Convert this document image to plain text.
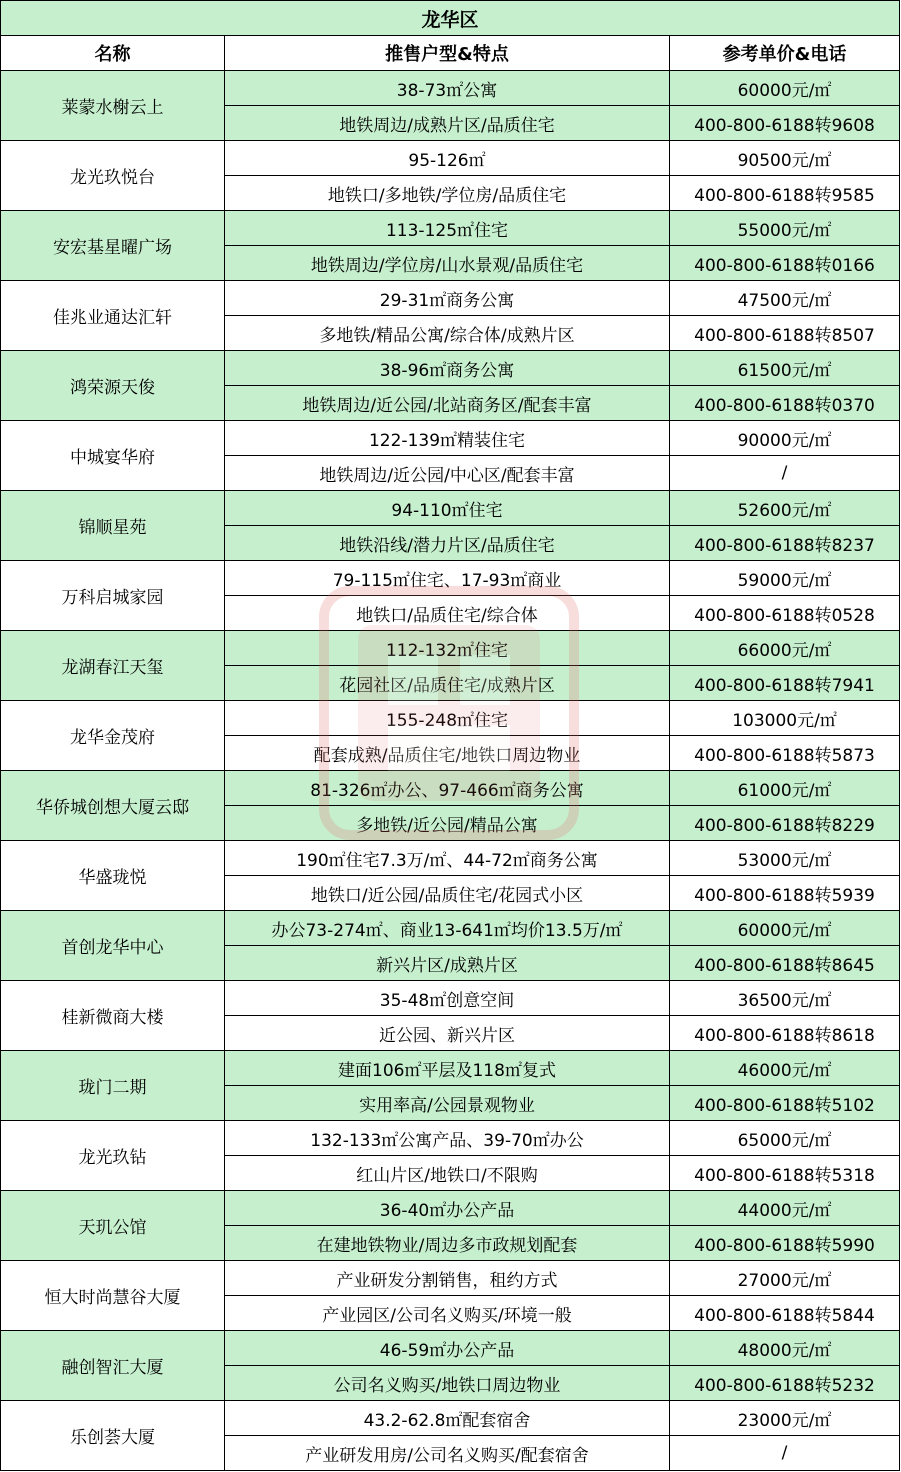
龙华区		
名称	推售户型&特点	参考单价&电话
莱蒙水榭云上	38-73㎡公寓	60000元/㎡
	地铁周边/成熟片区/品质住宅	400-800-6188转9608
龙光玖悦台	95-126㎡	90500元/㎡
	地铁口/多地铁/学位房/品质住宅	400-800-6188转9585
安宏基星曜广场	113-125㎡住宅	55000元/㎡
	地铁周边/学位房/山水景观/品质住宅	400-800-6188转0166
佳兆业通达汇轩	29-31㎡商务公寓	47500元/㎡
	多地铁/精品公寓/综合体/成熟片区	400-800-6188转8507
鸿荣源天俊	38-96㎡商务公寓	61500元/㎡
	地铁周边/近公园/北站商务区/配套丰富	400-800-6188转0370
中城宴华府	122-139㎡精装住宅	90000元/㎡
	地铁周边/近公园/中心区/配套丰富	/
锦顺星苑	94-110㎡住宅	52600元/㎡
	地铁沿线/潜力片区/品质住宅	400-800-6188转8237
万科启城家园	79-115㎡住宅、17-93㎡商业	59000元/㎡
	地铁口/品质住宅/综合体	400-800-6188转0528
龙湖春江天玺	112-132㎡住宅	66000元/㎡
	花园社区/品质住宅/成熟片区	400-800-6188转7941
龙华金茂府	155-248㎡住宅	103000元/㎡
	配套成熟/品质住宅/地铁口周边物业	400-800-6188转5873
华侨城创想大厦云邸	81-326㎡办公、97-466㎡商务公寓	61000元/㎡
	多地铁/近公园/精品公寓	400-800-6188转8229
华盛珑悦	190㎡住宅7.3万/㎡、44-72㎡商务公寓	53000元/㎡
	地铁口/近公园/品质住宅/花园式小区	400-800-6188转5939
首创龙华中心	办公73-274㎡、商业13-641㎡均价13.5万/㎡	60000元/㎡
	新兴片区/成熟片区	400-800-6188转8645
桂新微商大楼	35-48㎡创意空间	36500元/㎡
	近公园、新兴片区	400-800-6188转8618
珑门二期	建面106㎡平层及118㎡复式	46000元/㎡
	实用率高/公园景观物业	400-800-6188转5102
龙光玖钻	132-133㎡公寓产品、39-70㎡办公	65000元/㎡
	红山片区/地铁口/不限购	400-800-6188转5318
天玑公馆	36-40㎡办公产品	44000元/㎡
	在建地铁物业/周边多市政规划配套	400-800-6188转5990
恒大时尚慧谷大厦	产业研发分割销售，租约方式	27000元/㎡
	产业园区/公司名义购买/环境一般	400-800-6188转5844
融创智汇大厦	46-59㎡办公产品	48000元/㎡
	公司名义购买/地铁口周边物业	400-800-6188转5232
乐创荟大厦	43.2-62.8㎡配套宿舍	23000元/㎡
	产业研发用房/公司名义购买/配套宿舍	/
